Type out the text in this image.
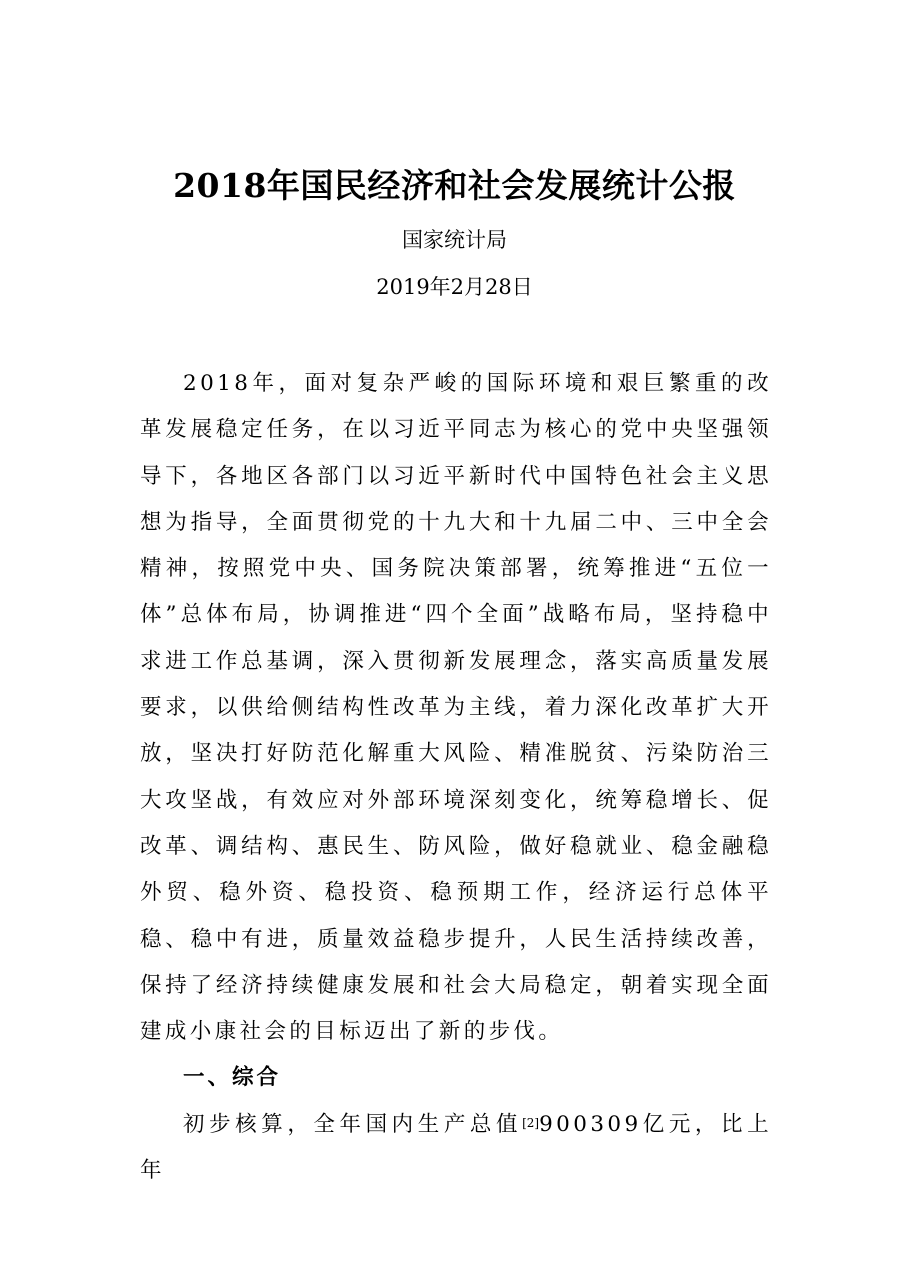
2018年国民经济和社会发展统计公报
国家统计局
2019年2月28日

2018年，面对复杂严峻的国际环境和艰巨繁重的改革发展稳定任务，在以习近平同志为核心的党中央坚强领导下，各地区各部门以习近平新时代中国特色社会主义思想为指导，全面贯彻党的十九大和十九届二中、三中全会精神，按照党中央、国务院决策部署，统筹推进“五位一体”总体布局，协调推进“四个全面”战略布局，坚持稳中求进工作总基调，深入贯彻新发展理念，落实高质量发展要求，以供给侧结构性改革为主线，着力深化改革扩大开放，坚决打好防范化解重大风险、精准脱贫、污染防治三大攻坚战，有效应对外部环境深刻变化，统筹稳增长、促改革、调结构、惠民生、防风险，做好稳就业、稳金融稳外贸、稳外资、稳投资、稳预期工作，经济运行总体平稳、稳中有进，质量效益稳步提升，人民生活持续改善，保持了经济持续健康发展和社会大局稳定，朝着实现全面建成小康社会的目标迈出了新的步伐。

一、综合

初步核算，全年国内生产总值[2]900309亿元，比上年
